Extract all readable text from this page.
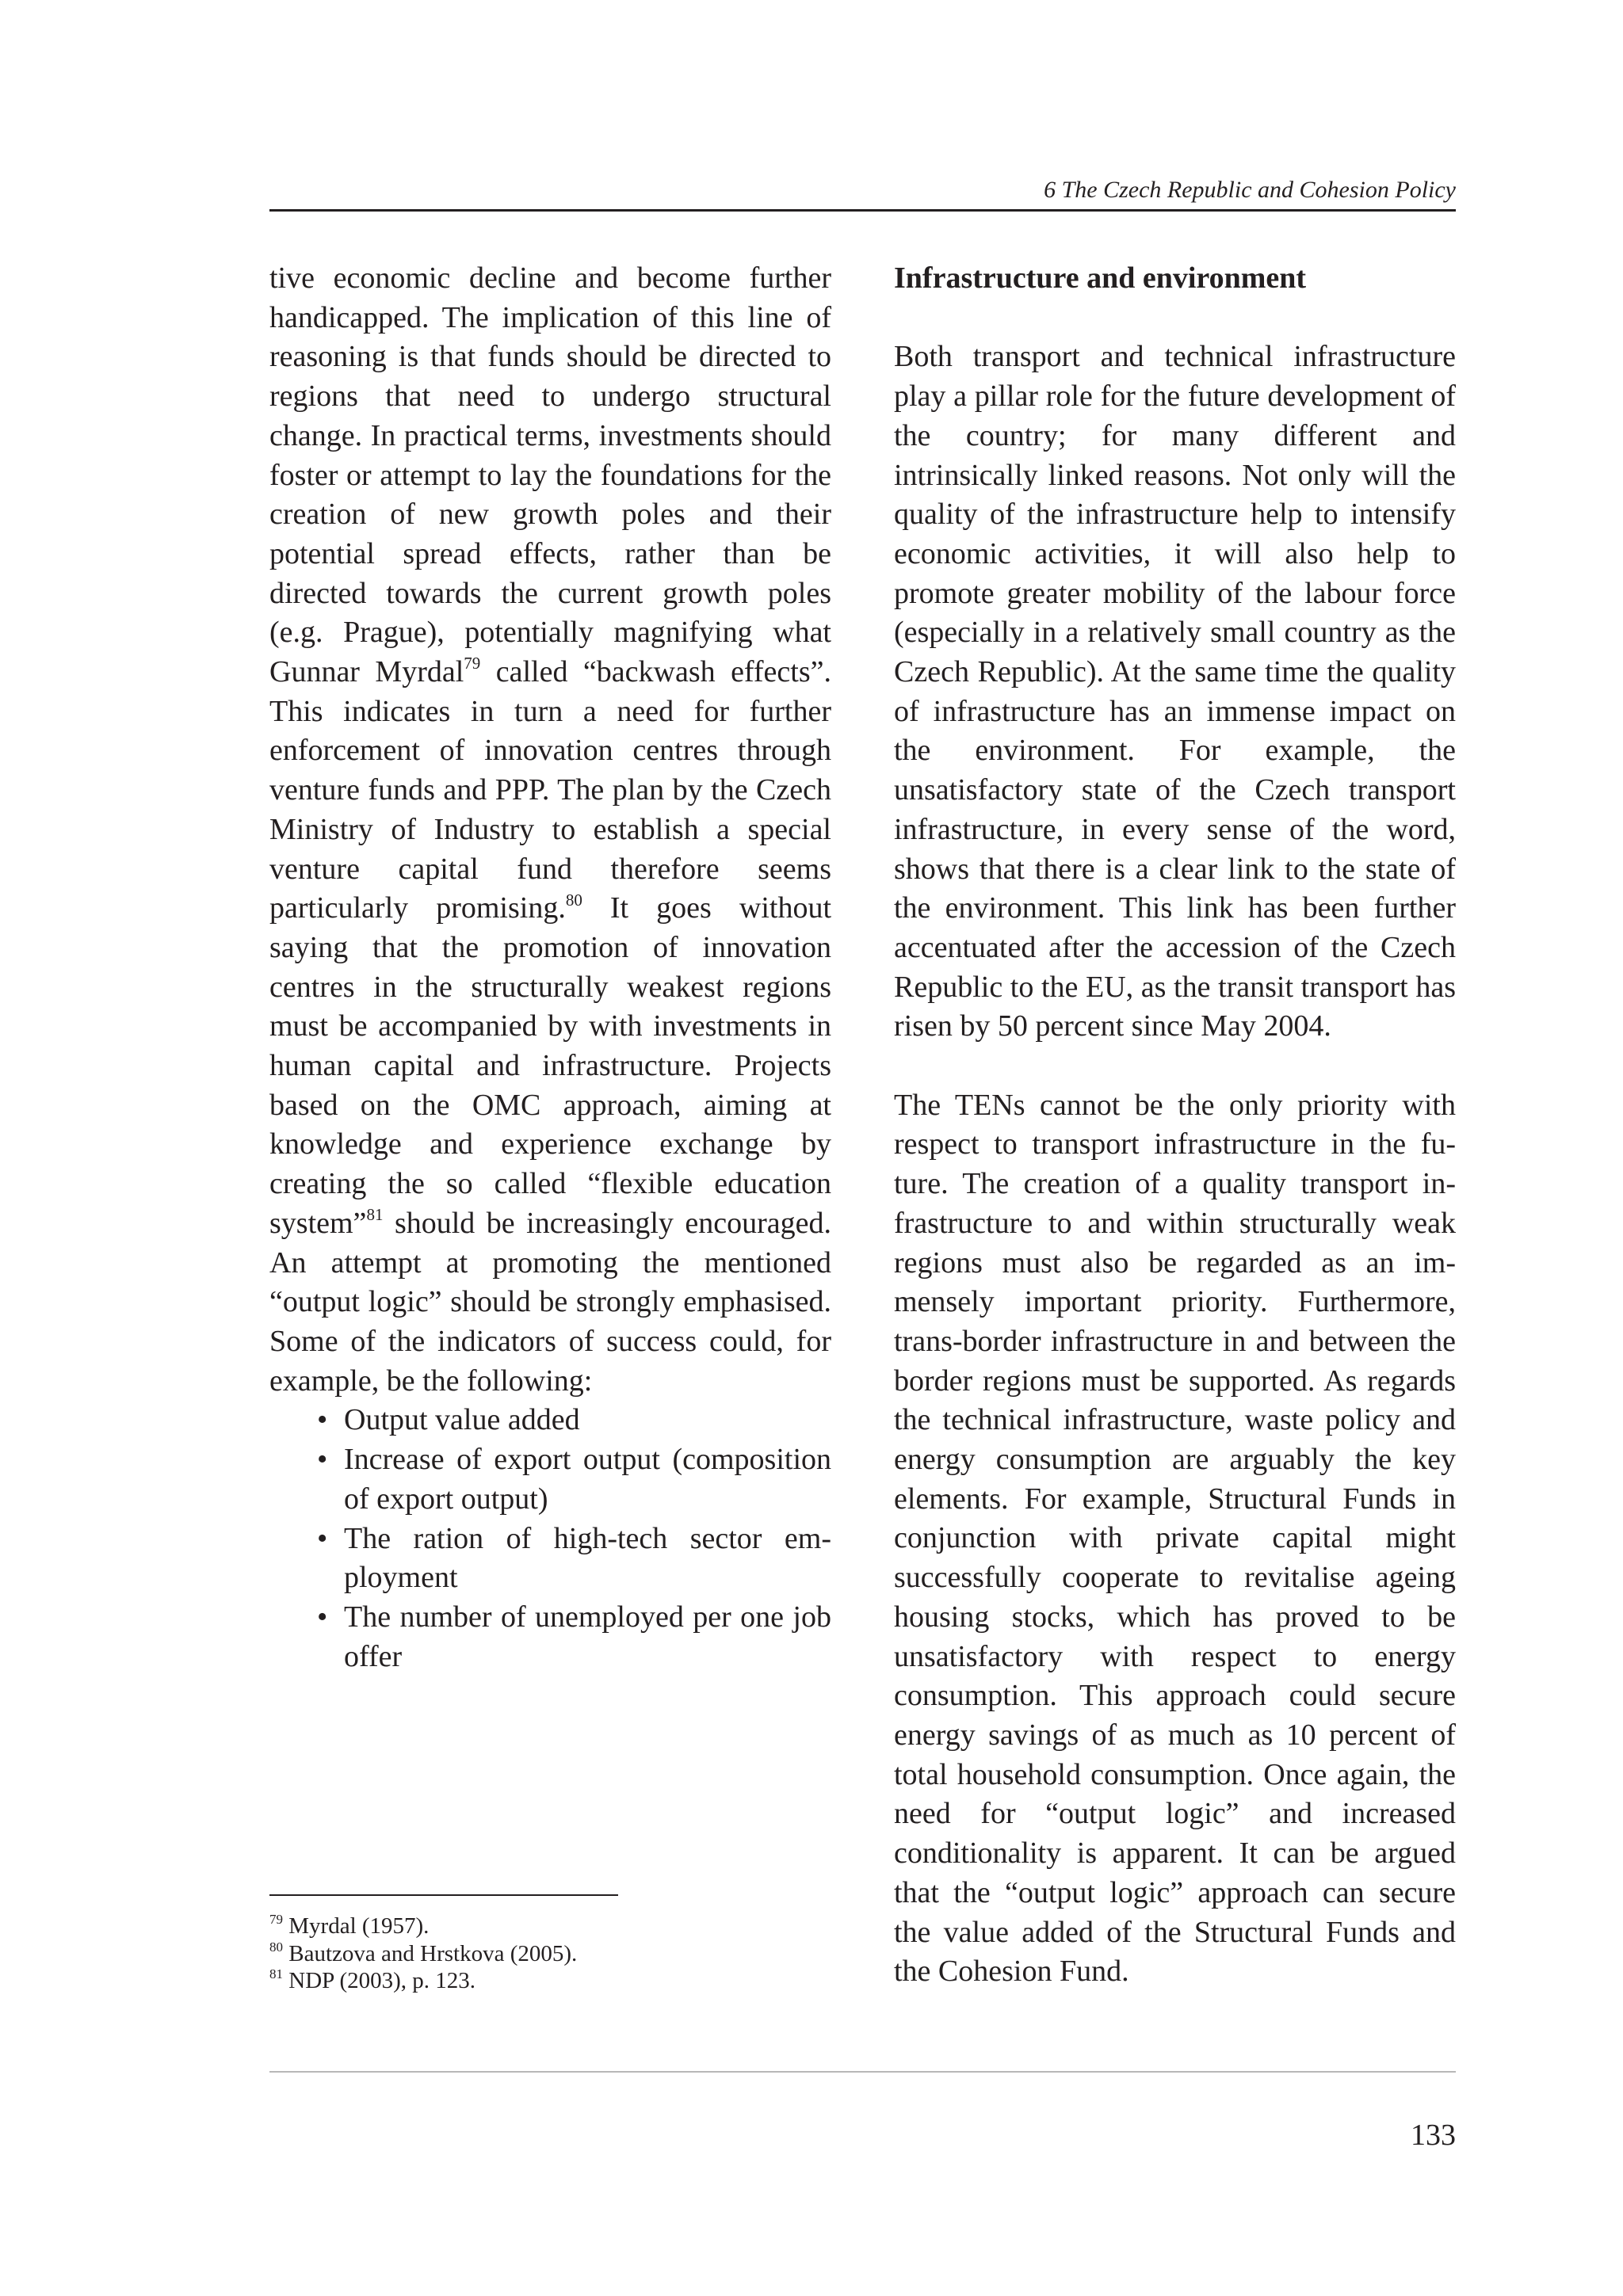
6 The Czech Republic and Cohesion Policy

tive economic decline and become further handicapped. The implication of this line of reasoning is that funds should be directed to regions that need to undergo structural change. In practical terms, investments should foster or attempt to lay the foundations for the creation of new growth poles and their potential spread effects, rather than be directed towards the current growth poles (e.g. Prague), potentially magnifying what Gunnar Myrdal$^{79}$ called “backwash effects”. This indicates in turn a need for further enforcement of innovation centres through venture funds and PPP. The plan by the Czech Ministry of Industry to establish a special venture capital fund therefore seems particularly promising.$^{80}$ It goes without saying that the promotion of innovation centres in the structurally weakest regions must be accompanied by with investments in human capital and infrastructure. Projects based on the OMC approach, aiming at knowledge and experience exchange by creating the so called “flexible education system”$^{81}$ should be increasingly encouraged. An attempt at promoting the mentioned “output logic” should be strongly emphasised. Some of the indicators of success could, for example, be the following:

• Output value added
• Increase of export output (composition of export output)
• The ration of high-tech sector employment
• The number of unemployed per one job offer
Infrastructure and environment

Both transport and technical infrastructure play a pillar role for the future development of the country; for many different and intrinsically linked reasons. Not only will the quality of the infrastructure help to intensify economic activities, it will also help to promote greater mobility of the labour force (especially in a relatively small country as the Czech Republic). At the same time the quality of infrastructure has an immense impact on the environment. For example, the unsatisfactory state of the Czech transport infrastructure, in every sense of the word, shows that there is a clear link to the state of the environment. This link has been further accentuated after the accession of the Czech Republic to the EU, as the transit transport has risen by 50 percent since May 2004.

The TENs cannot be the only priority with respect to transport infrastructure in the future. The creation of a quality transport infrastructure to and within structurally weak regions must also be regarded as an immensely important priority. Furthermore, trans-border infrastructure in and between the border regions must be supported. As regards the technical infrastructure, waste policy and energy consumption are arguably the key elements. For example, Structural Funds in conjunction with private capital might successfully cooperate to revitalise ageing housing stocks, which has proved to be unsatisfactory with respect to energy consumption. This approach could secure energy savings of as much as 10 percent of total household consumption. Once again, the need for “output logic” and increased conditionality is apparent. It can be argued that the “output logic” approach can secure the value added of the Structural Funds and the Cohesion Fund.

$^{79}$ Myrdal (1957).

$^{80}$ Bautzova and Hrstkova (2005).

$^{81}$ NDP (2003), p. 123.

133
